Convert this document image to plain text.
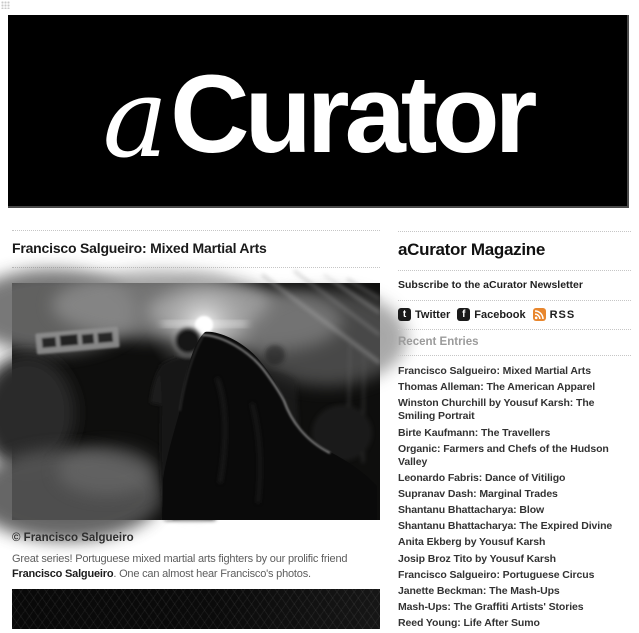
aCurator
Francisco Salgueiro: Mixed Martial Arts
© Francisco Salgueiro
Great series! Portuguese mixed martial arts fighters by our prolific friend Francisco Salgueiro. One can almost hear Francisco's photos.
aCurator Magazine
Subscribe to the aCurator Newsletter
t Twitter	f Facebook RSS
Recent Entries
Francisco Salgueiro: Mixed Martial Arts
Thomas Alleman: The American Apparel
Winston Churchill by Yousuf Karsh: The Smiling Portrait
Birte Kaufmann: The Travellers
Organic: Farmers and Chefs of the Hudson Valley
Leonardo Fabris: Dance of Vitiligo
Supranav Dash: Marginal Trades
Shantanu Bhattacharya: Blow
Shantanu Bhattacharya: The Expired Divine
Anita Ekberg by Yousuf Karsh
Josip Broz Tito by Yousuf Karsh
Francisco Salgueiro: Portuguese Circus
Janette Beckman: The Mash-Ups
Mash-Ups: The Graffiti Artists' Stories
Reed Young: Life After Sumo
